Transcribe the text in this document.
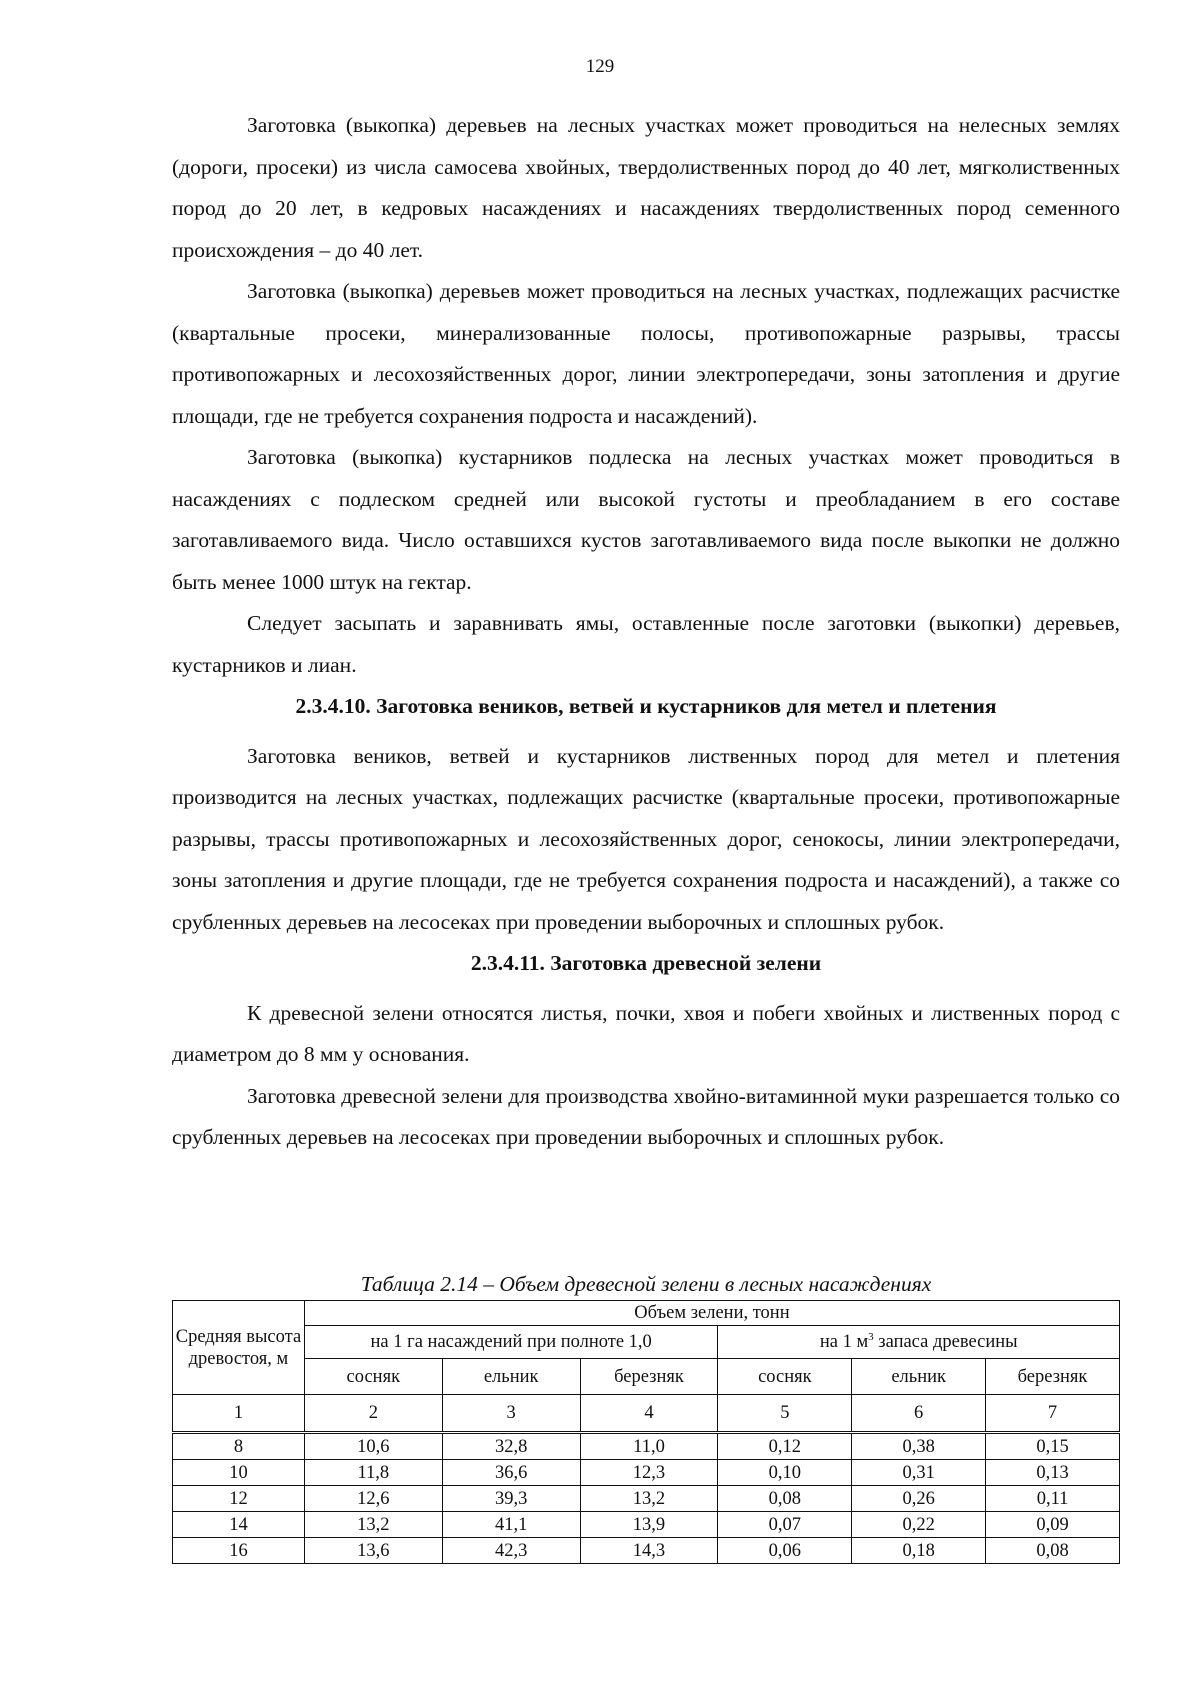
129

Заготовка (выкопка) деревьев на лесных участках может проводиться на нелесных землях (дороги, просеки) из числа самосева хвойных, твердолиственных пород до 40 лет, мягколиственных пород до 20 лет, в кедровых насаждениях и насаждениях твердолиственных пород семенного происхождения – до 40 лет.

Заготовка (выкопка) деревьев может проводиться на лесных участках, подлежащих расчистке (квартальные просеки, минерализованные полосы, противопожарные разрывы, трассы противопожарных и лесохозяйственных дорог, линии электропередачи, зоны затопления и другие площади, где не требуется сохранения подроста и насаждений).

Заготовка (выкопка) кустарников подлеска на лесных участках может проводиться в насаждениях с подлеском средней или высокой густоты и преобладанием в его составе заготавливаемого вида. Число оставшихся кустов заготавливаемого вида после выкопки не должно быть менее 1000 штук на гектар.

Следует засыпать и заравнивать ямы, оставленные после заготовки (выкопки) деревьев, кустарников и лиан.

2.3.4.10. Заготовка веников, ветвей и кустарников для метел и плетения

Заготовка веников, ветвей и кустарников лиственных пород для метел и плетения производится на лесных участках, подлежащих расчистке (квартальные просеки, противопожарные разрывы, трассы противопожарных и лесохозяйственных дорог, сенокосы, линии электропередачи, зоны затопления и другие площади, где не требуется сохранения подроста и насаждений), а также со срубленных деревьев на лесосеках при проведении выборочных и сплошных рубок.

2.3.4.11. Заготовка древесной зелени

К древесной зелени относятся листья, почки, хвоя и побеги хвойных и лиственных пород с диаметром до 8 мм у основания.

Заготовка древесной зелени для производства хвойно-витаминной муки разрешается только со срубленных деревьев на лесосеках при проведении выборочных и сплошных рубок.

Таблица 2.14 – Объем древесной зелени в лесных насаждениях
Средняя высота древостоя, м	Объем зелени, тонн					
	на 1 га насаждений при полноте 1,0			на 1 $м^3$ запаса древесины		
	сосняк	ельник	березняк	сосняк	ельник	березняк
1	2	3	4	5	6	7
8	10,6	32,8	11,0	0,12	0,38	0,15
10	11,8	36,6	12,3	0,10	0,31	0,13
12	12,6	39,3	13,2	0,08	0,26	0,11
14	13,2	41,1	13,9	0,07	0,22	0,09
16	13,6	42,3	14,3	0,06	0,18	0,08
